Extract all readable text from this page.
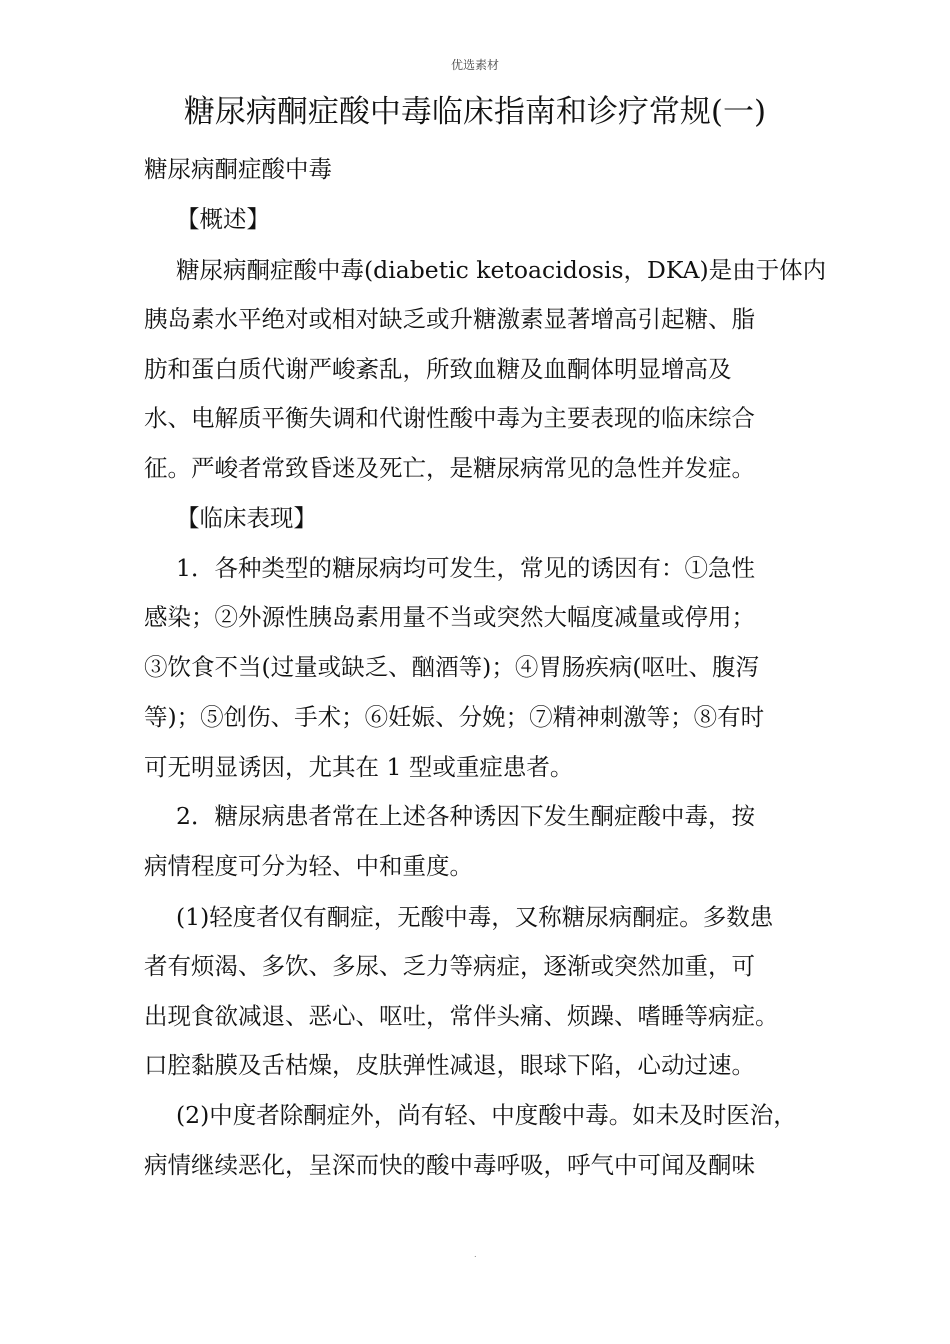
优选素材
糖尿病酮症酸中毒临床指南和诊疗常规(一)
糖尿病酮症酸中毒
【概述】
糖尿病酮症酸中毒(diabetic ketoacidosis，DKA)是由于体内
胰岛素水平绝对或相对缺乏或升糖激素显著增高引起糖、脂
肪和蛋白质代谢严峻紊乱，所致血糖及血酮体明显增高及
水、电解质平衡失调和代谢性酸中毒为主要表现的临床综合
征。严峻者常致昏迷及死亡，是糖尿病常见的急性并发症。
【临床表现】
1．各种类型的糖尿病均可发生，常见的诱因有：①急性
感染；②外源性胰岛素用量不当或突然大幅度减量或停用；
③饮食不当(过量或缺乏、酗酒等)；④胃肠疾病(呕吐、腹泻
等)；⑤创伤、手术；⑥妊娠、分娩；⑦精神刺激等；⑧有时
可无明显诱因，尤其在 1 型或重症患者。
2．糖尿病患者常在上述各种诱因下发生酮症酸中毒，按
病情程度可分为轻、中和重度。
(1)轻度者仅有酮症，无酸中毒，又称糖尿病酮症。多数患
者有烦渴、多饮、多尿、乏力等病症，逐渐或突然加重，可
出现食欲减退、恶心、呕吐，常伴头痛、烦躁、嗜睡等病症。
口腔黏膜及舌枯燥，皮肤弹性减退，眼球下陷，心动过速。
(2)中度者除酮症外，尚有轻、中度酸中毒。如未及时医治，
病情继续恶化，呈深而快的酸中毒呼吸，呼气中可闻及酮味
.
